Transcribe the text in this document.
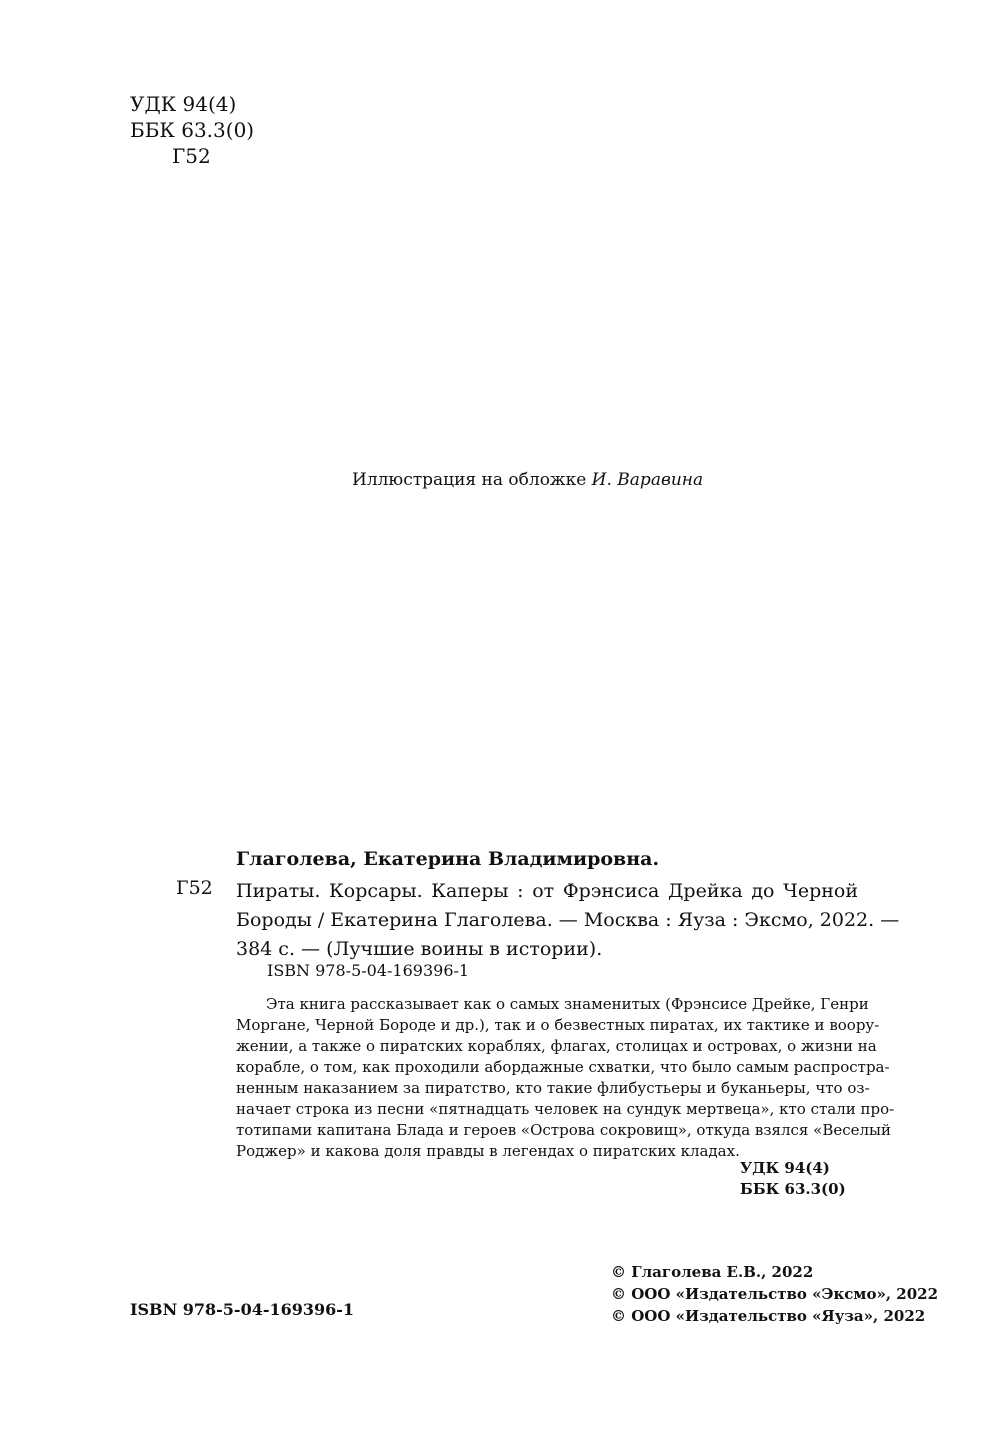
УДК 94(4)
ББК 63.3(0)
Г52
Иллюстрация на обложке И. Варавина
Глаголева, Екатерина Владимировна.
Г52 Пираты. Корсары. Каперы : от Фрэнсиса Дрейка до Черной
Бороды / Екатерина Глаголева. — Москва : Яуза : Эксмо, 2022. —
384 с. — (Лучшие воины в истории).
ISBN 978-5-04-169396-1
Эта книга рассказывает как о самых знаменитых (Фрэнсисе Дрейке, Генри
Моргане, Черной Бороде и др.), так и о безвестных пиратах, их тактике и воору-
жении, а также о пиратских кораблях, флагах, столицах и островах, о жизни на
корабле, о том, как проходили абордажные схватки, что было самым распростра-
ненным наказанием за пиратство, кто такие флибустьеры и буканьеры, что оз-
начает строка из песни «пятнадцать человек на сундук мертвеца», кто стали про-
тотипами капитана Блада и героев «Острова сокровищ», откуда взялся «Веселый
Роджер» и какова доля правды в легендах о пиратских кладах.
УДК 94(4)
ББК 63.3(0)
ISBN 978-5-04-169396-1
© Глаголева Е.В., 2022
© ООО «Издательство «Эксмо», 2022
© ООО «Издательство «Яуза», 2022
